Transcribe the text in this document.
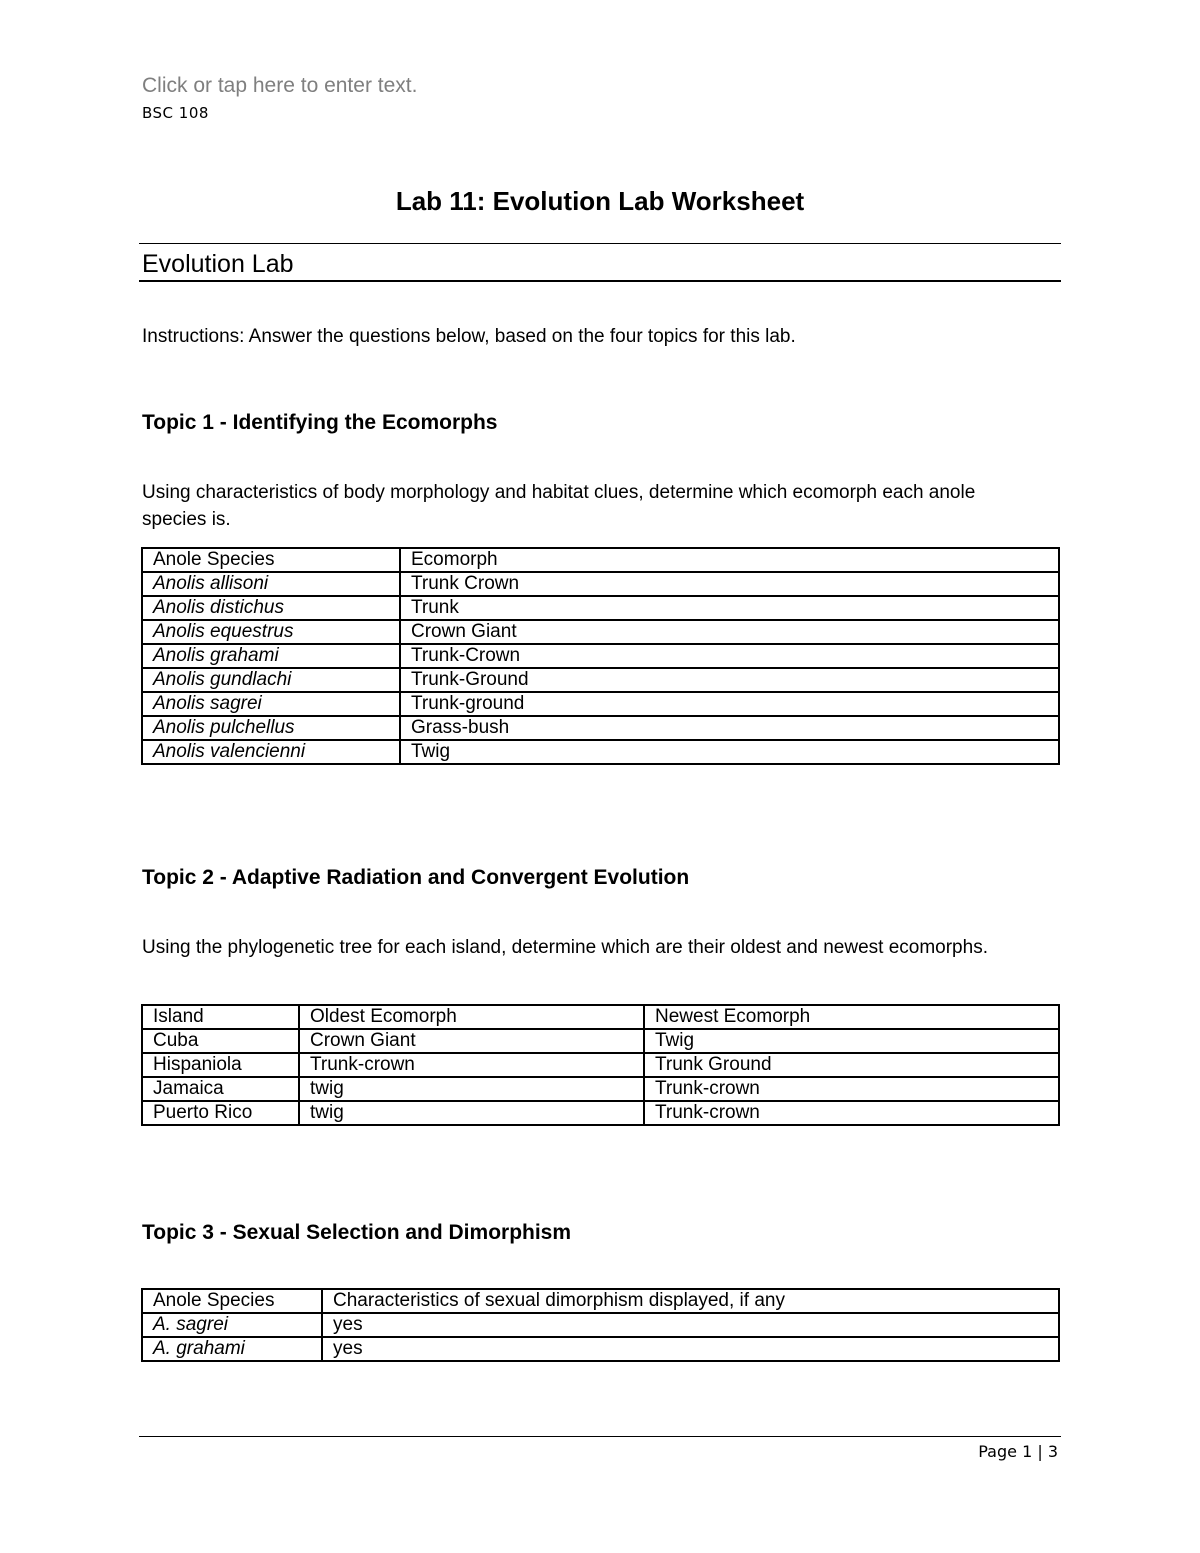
Click or tap here to enter text.
BSC 108
Lab 11: Evolution Lab Worksheet
Evolution Lab
Instructions: Answer the questions below, based on the four topics for this lab.
Topic 1 - Identifying the Ecomorphs
Using characteristics of body morphology and habitat clues, determine which ecomorph each anole species is.
Anole Species	Ecomorph
Anolis allisoni	Trunk Crown
Anolis distichus	Trunk
Anolis equestrus	Crown Giant
Anolis grahami	Trunk-Crown
Anolis gundlachi	Trunk-Ground
Anolis sagrei	Trunk-ground
Anolis pulchellus	Grass-bush
Anolis valencienni	Twig
Topic 2 - Adaptive Radiation and Convergent Evolution
Using the phylogenetic tree for each island, determine which are their oldest and newest ecomorphs.
Island	Oldest Ecomorph	Newest Ecomorph
Cuba	Crown Giant	Twig
Hispaniola	Trunk-crown	Trunk Ground
Jamaica	twig	Trunk-crown
Puerto Rico	twig	Trunk-crown
Topic 3 - Sexual Selection and Dimorphism
Anole Species	Characteristics of sexual dimorphism displayed, if any
A. sagrei	yes
A. grahami	yes
Page 1 | 3
